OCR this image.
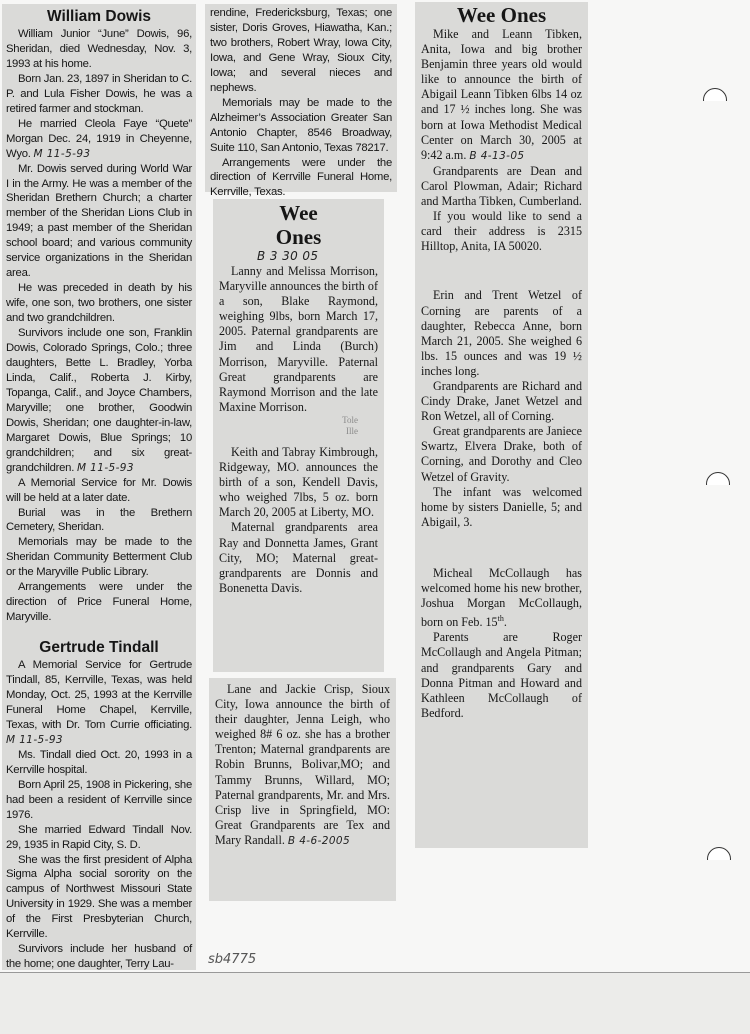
William Dowis

William Junior “June” Dowis, 96, Sheridan, died Wednesday, Nov. 3, 1993 at his home.

Born Jan. 23, 1897 in Sheridan to C. P. and Lula Fisher Dowis, he was a retired farmer and stockman.

He married Cleola Faye “Quete” Morgan Dec. 24, 1919 in Cheyenne, Wyo. M 11-5-93

Mr. Dowis served during World War I in the Army. He was a member of the Sheridan Brethern Church; a charter member of the Sheridan Lions Club in 1949; a past member of the Sheridan school board; and various community service organizations in the Sheridan area.

He was preceded in death by his wife, one son, two brothers, one sister and two grandchildren.

Survivors include one son, Franklin Dowis, Colorado Springs, Colo.; three daughters, Bette L. Bradley, Yorba Linda, Calif., Roberta J. Kirby, Topanga, Calif., and Joyce Chambers, Maryville; one brother, Goodwin Dowis, Sheridan; one daughter-in-law, Margaret Dowis, Blue Springs; 10 grandchildren; and six great-grandchildren. M 11-5-93

A Memorial Service for Mr. Dowis will be held at a later date.

Burial was in the Brethern Cemetery, Sheridan.

Memorials may be made to the Sheridan Community Betterment Club or the Maryville Public Library.

Arrangements were under the direction of Price Funeral Home, Maryville.

Gertrude Tindall

A Memorial Service for Gertrude Tindall, 85, Kerrville, Texas, was held Monday, Oct. 25, 1993 at the Kerrville Funeral Home Chapel, Kerrville, Texas, with Dr. Tom Currie officiating. M 11-5-93

Ms. Tindall died Oct. 20, 1993 in a Kerrville hospital.

Born April 25, 1908 in Pickering, she had been a resident of Kerrville since 1976.

She married Edward Tindall Nov. 29, 1935 in Rapid City, S. D.

She was the first president of Alpha Sigma Alpha social sorority on the campus of Northwest Missouri State University in 1929. She was a member of the First Presbyterian Church, Kerrville.

Survivors include her husband of the home; one daughter, Terry Lau-

rendine, Fredericksburg, Texas; one sister, Doris Groves, Hiawatha, Kan.; two brothers, Robert Wray, Iowa City, Iowa, and Gene Wray, Sioux City, Iowa; and several nieces and nephews.

Memorials may be made to the Alzheimer’s Association Greater San Antonio Chapter, 8546 Broadway, Suite 110, San Antonio, Texas 78217.

Arrangements were under the direction of Kerrville Funeral Home, Kerrville, Texas.

Wee
Ones
B 3 30 05

Lanny and Melissa Morrison, Maryville announces the birth of a son, Blake Raymond, weighing 9lbs, born March 17, 2005. Paternal grandparents are Jim and Linda (Burch) Morrison, Maryville. Paternal Great grandparents are Raymond Morrison and the late Maxine Morrison.

Tole
Ille

Keith and Tabray Kimbrough, Ridgeway, MO. announces the birth of a son, Kendell Davis, who weighed 7lbs, 5 oz. born March 20, 2005 at Liberty, MO.

Maternal grandparents area Ray and Donnetta James, Grant City, MO; Maternal great-grandparents are Donnis and Bonenetta Davis.

Lane and Jackie Crisp, Sioux City, Iowa announce the birth of their daughter, Jenna Leigh, who weighed 8# 6 oz. she has a brother Trenton; Maternal grandparents are Robin Brunns, Bolivar,MO; and Tammy Brunns, Willard, MO; Paternal grandparents, Mr. and Mrs. Crisp live in Springfield, MO: Great Grandparents are Tex and Mary Randall. B 4-6-2005

Wee Ones

Mike and Leann Tibken, Anita, Iowa and big brother Benjamin three years old would like to announce the birth of Abigail Leann Tibken 6lbs 14 oz and 17 ½ inches long. She was born at Iowa Methodist Medical Center on March 30, 2005 at 9:42 a.m. B 4-13-05

Grandparents are Dean and Carol Plowman, Adair; Richard and Martha Tibken, Cumberland.

If you would like to send a card their address is 2315 Hilltop, Anita, IA 50020.

Erin and Trent Wetzel of Corning are parents of a daughter, Rebecca Anne, born March 21, 2005. She weighed 6 lbs. 15 ounces and was 19 ½ inches long.

Grandparents are Richard and Cindy Drake, Janet Wetzel and Ron Wetzel, all of Corning.

Great grandparents are Janiece Swartz, Elvera Drake, both of Corning, and Dorothy and Cleo Wetzel of Gravity.

The infant was welcomed home by sisters Danielle, 5; and Abigail, 3.

Micheal McCollaugh has welcomed home his new brother, Joshua Morgan McCollaugh, born on Feb. 15th.

Parents are Roger McCollaugh and Angela Pitman; and grandparents Gary and Donna Pitman and Howard and Kathleen McCollaugh of Bedford.

sb4775
